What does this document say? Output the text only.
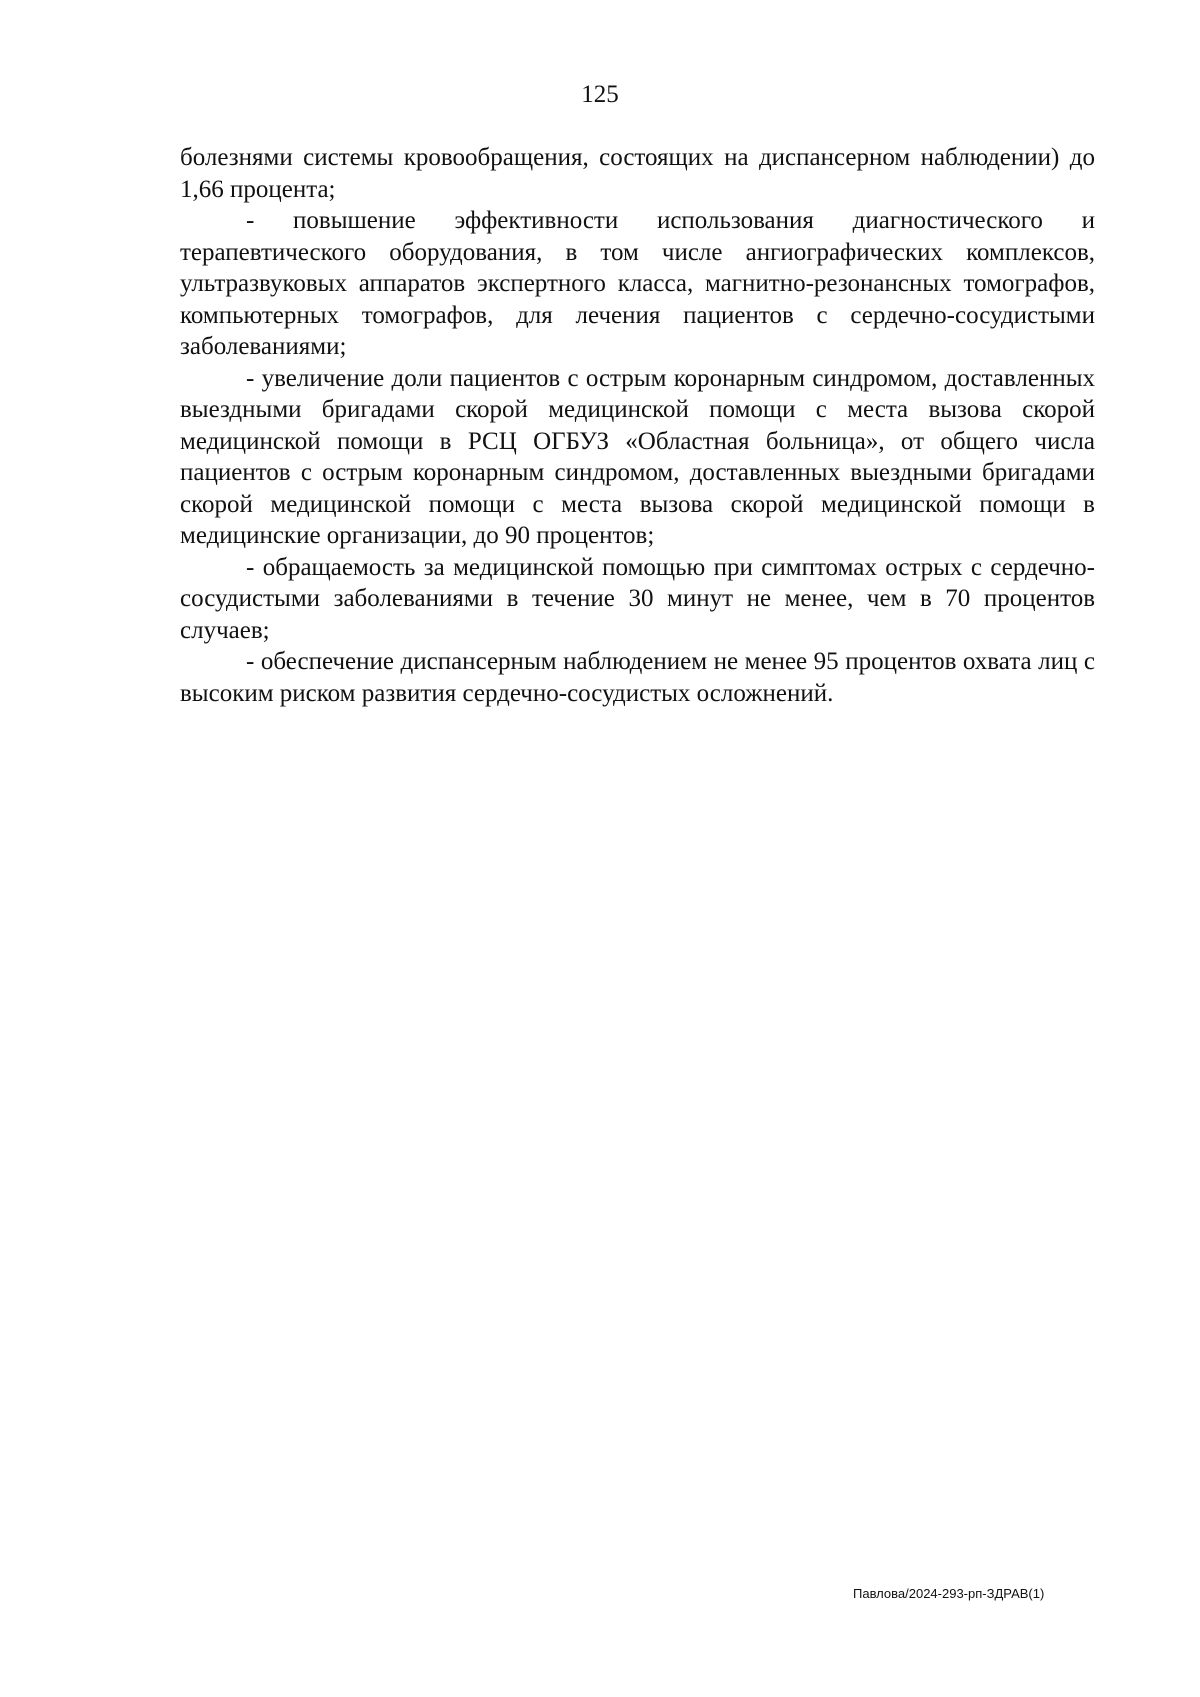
125

болезнями системы кровообращения, состоящих на диспансерном наблюдении) до 1,66 процента;

- повышение эффективности использования диагностического и терапевтического оборудования, в том числе ангиографических комплексов, ультразвуковых аппаратов экспертного класса, магнитно-резонансных томографов, компьютерных томографов, для лечения пациентов с сердечно-сосудистыми заболеваниями;

- увеличение доли пациентов с острым коронарным синдромом, доставленных выездными бригадами скорой медицинской помощи с места вызова скорой медицинской помощи в РСЦ ОГБУЗ «Областная больница», от общего числа пациентов с острым коронарным синдромом, доставленных выездными бригадами скорой медицинской помощи с места вызова скорой медицинской помощи в медицинские организации, до 90 процентов;

- обращаемость за медицинской помощью при симптомах острых с сердечно-сосудистыми заболеваниями в течение 30 минут не менее, чем в 70 процентов случаев;

- обеспечение диспансерным наблюдением не менее 95 процентов охвата лиц с высоким риском развития сердечно-сосудистых осложнений.

Павлова/2024-293-рп-ЗДРАВ(1)
